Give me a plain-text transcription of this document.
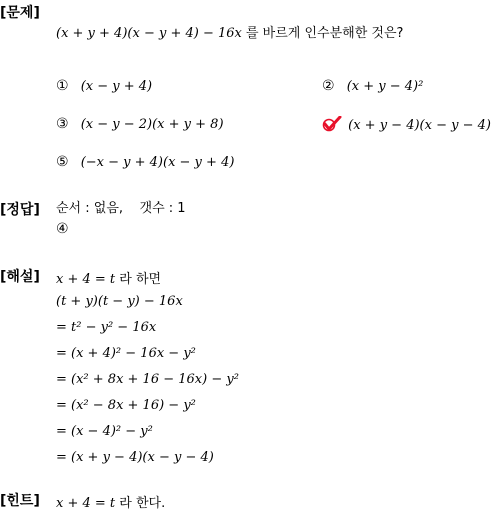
[문제]
(x + y + 4)(x − y + 4) − 16x 를 바르게 인수분해한 것은?
① (x − y + 4)	② (x + y − 4)²
③ (x − y − 2)(x + y + 8)	(x + y − 4)(x − y − 4)
⑤ (−x − y + 4)(x − y + 4)
[정답] 순서 : 없음,    갯수 : 1
④
[해설] x + 4 = t 라 하면
(t + y)(t − y) − 16x
= t² − y² − 16x
= (x + 4)² − 16x − y²
= (x² + 8x + 16 − 16x) − y²
= (x² − 8x + 16) − y²
= (x − 4)² − y²
= (x + y − 4)(x − y − 4)
[힌트] x + 4 = t 라 한다.
